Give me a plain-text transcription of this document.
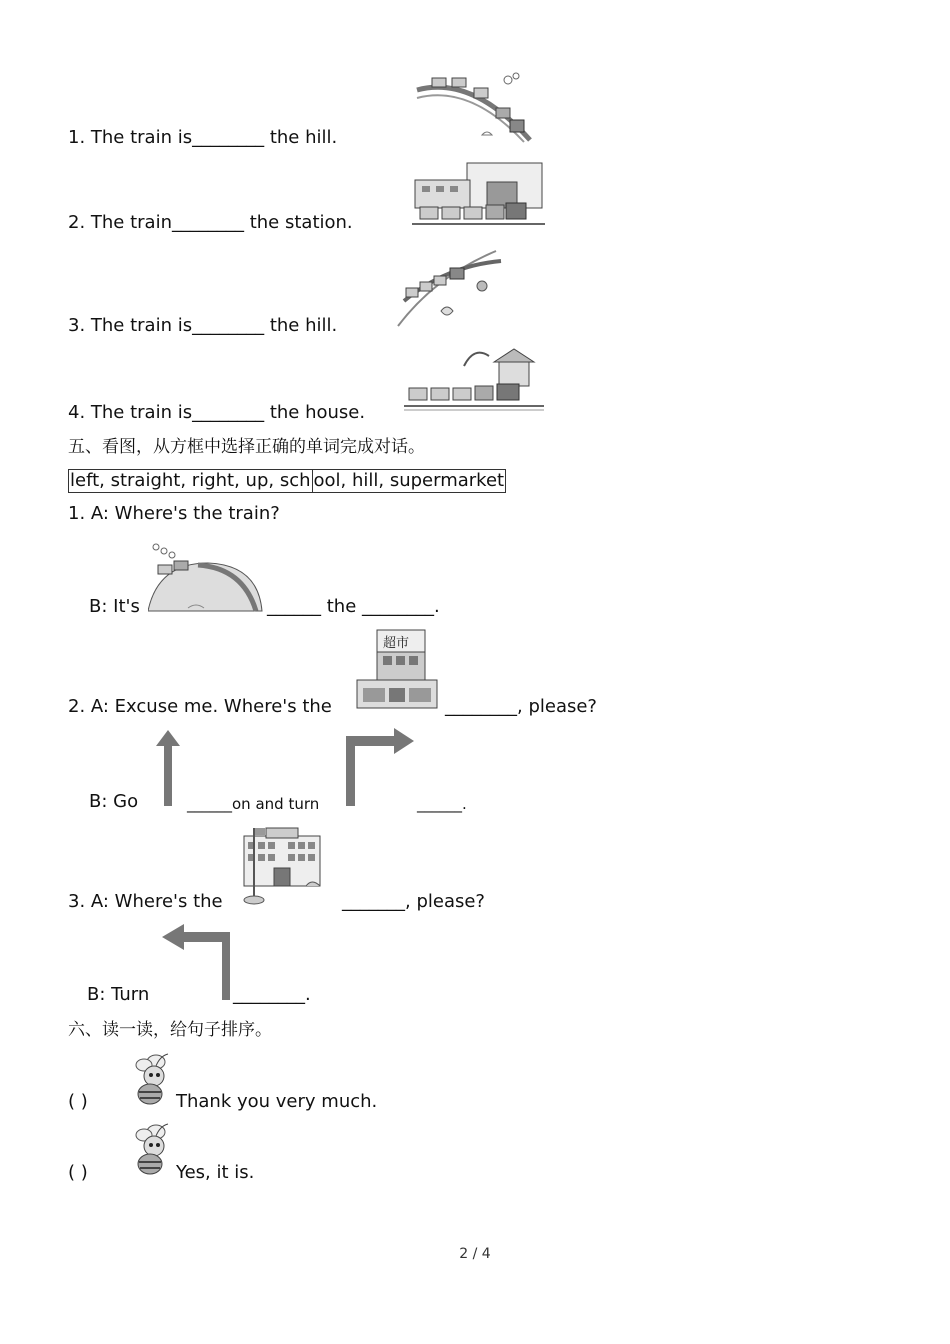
1. The train is________ the hill.
2. The train________ the station.
3. The train is________ the hill.
4. The train is________ the house.
五、看图，从方框中选择正确的单词完成对话。
left, straight, right, up, sch ool, hill, supermarket
1. A: Where's the train?
B: It's	______ the ________.
超市
2. A: Excuse me. Where's the	________, please?
B: Go	______on and turn	______.
3. A: Where's the	_______, please?
B: Turn	________.
六、读一读，给句子排序。
( )	Thank you very much.
( )	Yes, it is.
2 / 4
